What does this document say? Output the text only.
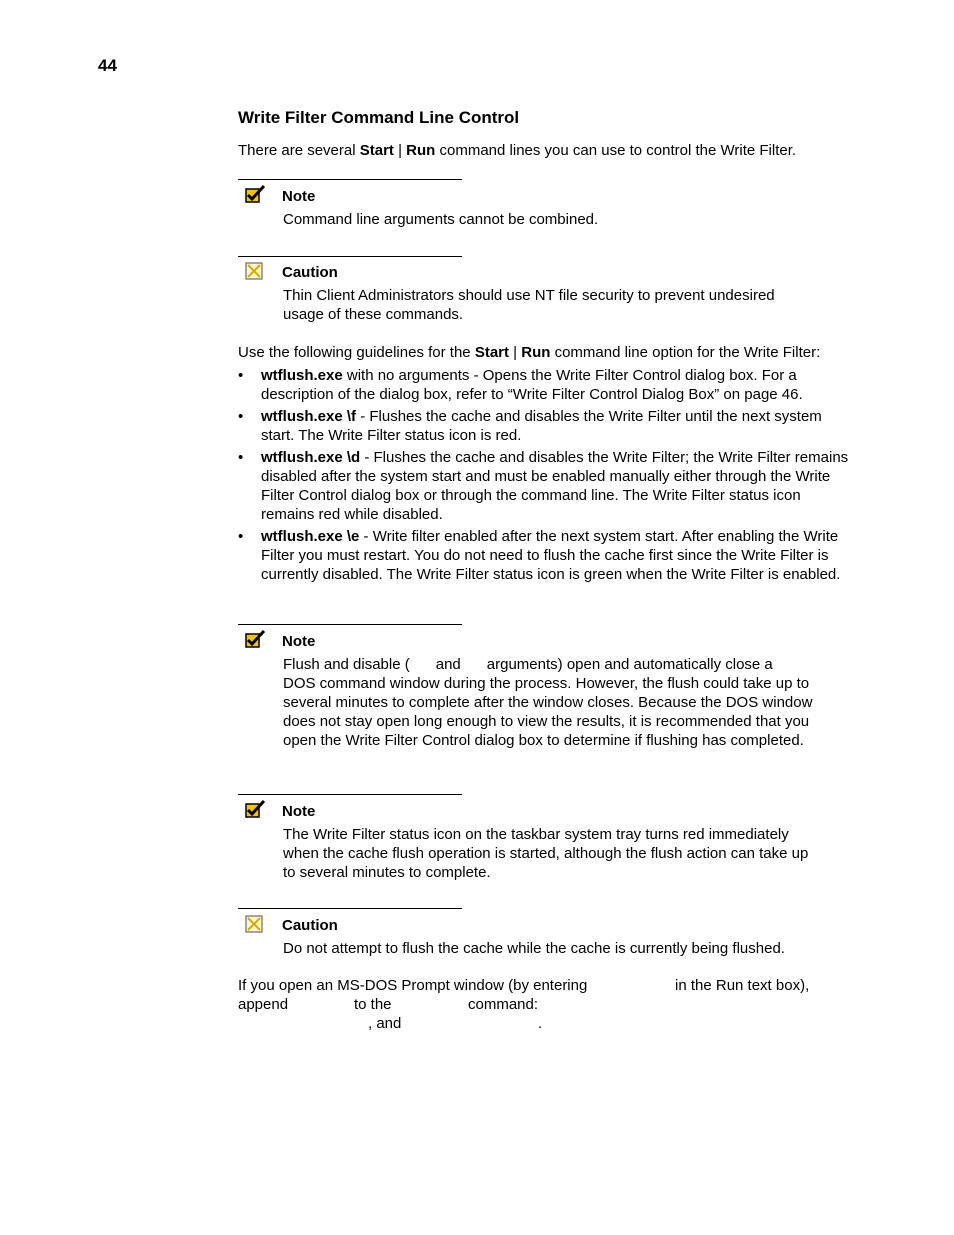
44
Write Filter Command Line Control
There are several Start | Run command lines you can use to control the Write Filter.
Note
Command line arguments cannot be combined.
Caution
Thin Client Administrators should use NT file security to prevent undesired usage of these commands.
Use the following guidelines for the Start | Run command line option for the Write Filter:
• wtflush.exe with no arguments - Opens the Write Filter Control dialog box. For a description of the dialog box, refer to “Write Filter Control Dialog Box” on page 46.
• wtflush.exe \f - Flushes the cache and disables the Write Filter until the next system start. The Write Filter status icon is red.
• wtflush.exe \d - Flushes the cache and disables the Write Filter; the Write Filter remains disabled after the system start and must be enabled manually either through the Write Filter Control dialog box or through the command line. The Write Filter status icon remains red while disabled.
• wtflush.exe \e - Write filter enabled after the next system start. After enabling the Write Filter you must restart. You do not need to flush the cache first since the Write Filter is currently disabled. The Write Filter status icon is green when the Write Filter is enabled.
Note
Flush and disable ( and arguments) open and automatically close a
DOS command window during the process. However, the flush could take up to several minutes to complete after the window closes. Because the DOS window does not stay open long enough to view the results, it is recommended that you open the Write Filter Control dialog box to determine if flushing has completed.
Note
The Write Filter status icon on the taskbar system tray turns red immediately when the cache flush operation is started, although the flush action can take up to several minutes to complete.
Caution
Do not attempt to flush the cache while the cache is currently being flushed.
If you open an MS-DOS Prompt window (by entering	in the Run text box),
append	to the	command:
, and	.
